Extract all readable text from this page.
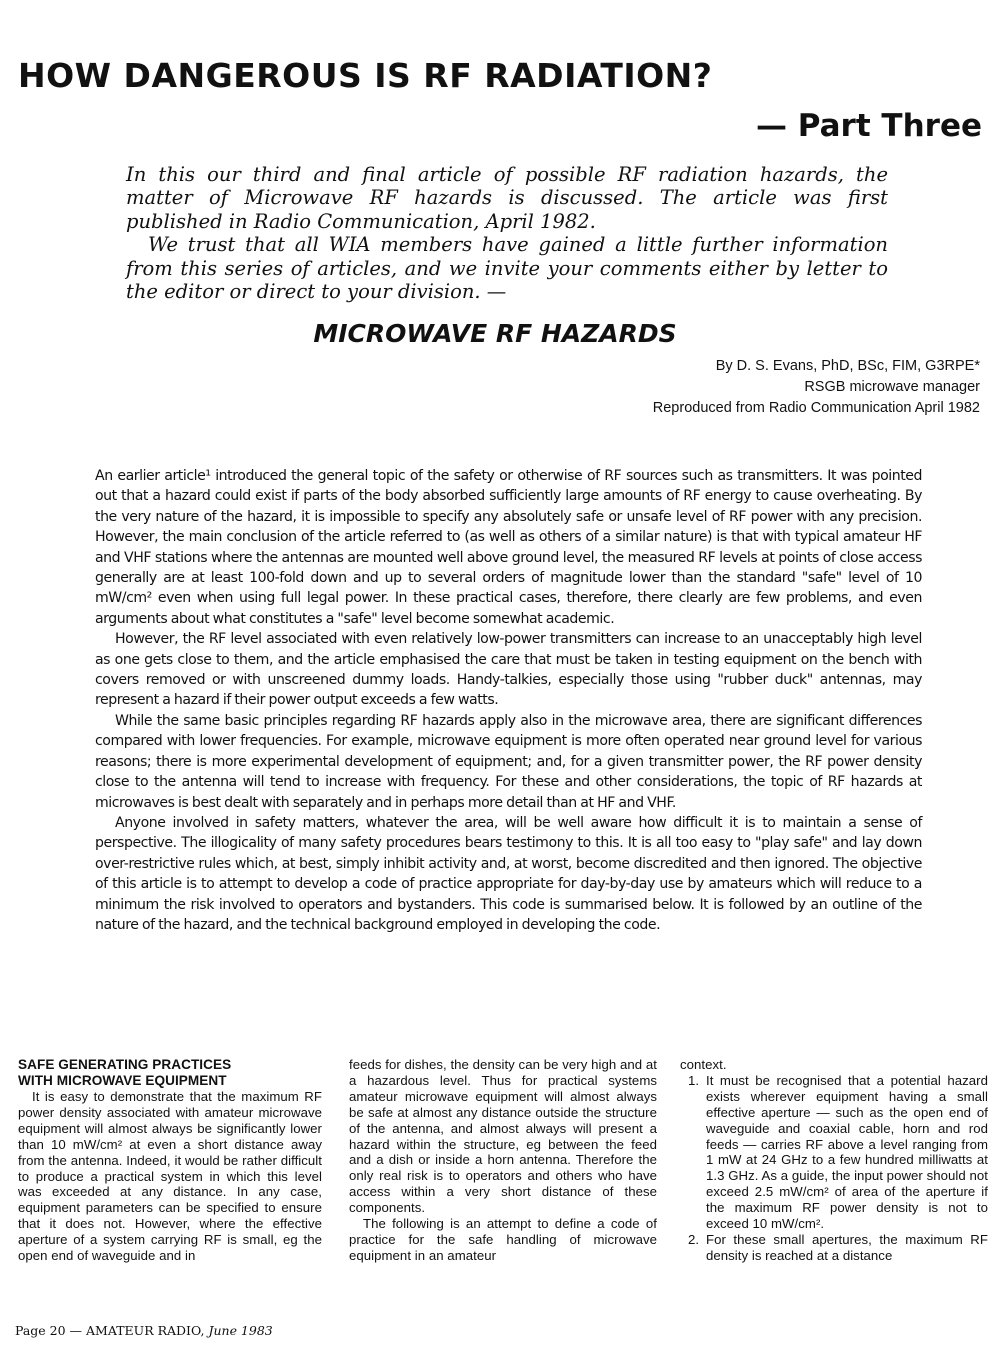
HOW DANGEROUS IS RF RADIATION?
— Part Three

In this our third and final article of possible RF radiation hazards, the matter of Microwave RF hazards is discussed. The article was first published in Radio Communication, April 1982.

We trust that all WIA members have gained a little further information from this series of articles, and we invite your comments either by letter to the editor or direct to your division. —

MICROWAVE RF HAZARDS
By D. S. Evans, PhD, BSc, FIM, G3RPE*
RSGB microwave manager
Reproduced from Radio Communication April 1982

An earlier article¹ introduced the general topic of the safety or otherwise of RF sources such as transmitters. It was pointed out that a hazard could exist if parts of the body absorbed sufficiently large amounts of RF energy to cause overheating. By the very nature of the hazard, it is impossible to specify any absolutely safe or unsafe level of RF power with any precision. However, the main conclusion of the article referred to (as well as others of a similar nature) is that with typical amateur HF and VHF stations where the antennas are mounted well above ground level, the measured RF levels at points of close access generally are at least 100-fold down and up to several orders of magnitude lower than the standard "safe" level of 10 mW/cm² even when using full legal power. In these practical cases, therefore, there clearly are few problems, and even arguments about what constitutes a "safe" level become somewhat academic.

However, the RF level associated with even relatively low-power transmitters can increase to an unacceptably high level as one gets close to them, and the article emphasised the care that must be taken in testing equipment on the bench with covers removed or with unscreened dummy loads. Handy-talkies, especially those using "rubber duck" antennas, may represent a hazard if their power output exceeds a few watts.

While the same basic principles regarding RF hazards apply also in the microwave area, there are significant differences compared with lower frequencies. For example, microwave equipment is more often operated near ground level for various reasons; there is more experimental development of equipment; and, for a given transmitter power, the RF power density close to the antenna will tend to increase with frequency. For these and other considerations, the topic of RF hazards at microwaves is best dealt with separately and in perhaps more detail than at HF and VHF.

Anyone involved in safety matters, whatever the area, will be well aware how difficult it is to maintain a sense of perspective. The illogicality of many safety procedures bears testimony to this. It is all too easy to "play safe" and lay down over-restrictive rules which, at best, simply inhibit activity and, at worst, become discredited and then ignored. The objective of this article is to attempt to develop a code of practice appropriate for day-by-day use by amateurs which will reduce to a minimum the risk involved to operators and bystanders. This code is summarised below. It is followed by an outline of the nature of the hazard, and the technical background employed in developing the code.

SAFE GENERATING PRACTICES
WITH MICROWAVE EQUIPMENT

It is easy to demonstrate that the maximum RF power density associated with amateur microwave equipment will almost always be significantly lower than 10 mW/cm² at even a short distance away from the antenna. Indeed, it would be rather difficult to produce a practical system in which this level was exceeded at any distance. In any case, equipment parameters can be specified to ensure that it does not. However, where the effective aperture of a system carrying RF is small, eg the open end of waveguide and in

feeds for dishes, the density can be very high and at a hazardous level. Thus for practical systems amateur microwave equipment will almost always be safe at almost any distance outside the structure of the antenna, and almost always will present a hazard within the structure, eg between the feed and a dish or inside a horn antenna. Therefore the only real risk is to operators and others who have access within a very short distance of these components.

The following is an attempt to define a code of practice for the safe handling of microwave equipment in an amateur

context.

1. It must be recognised that a potential hazard exists wherever equipment having a small effective aperture — such as the open end of waveguide and coaxial cable, horn and rod feeds — carries RF above a level ranging from 1 mW at 24 GHz to a few hundred milliwatts at 1.3 GHz. As a guide, the input power should not exceed 2.5 mW/cm² of area of the aperture if the maximum RF power density is not to exceed 10 mW/cm².
2. For these small apertures, the maximum RF density is reached at a distance
Page 20 — AMATEUR RADIO, June 1983
